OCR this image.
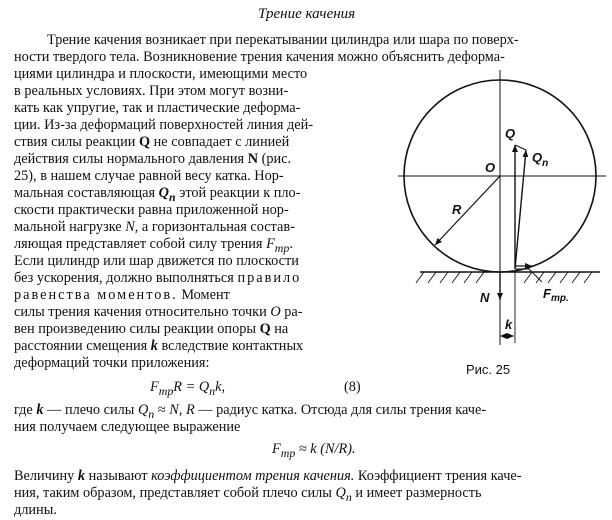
Трение качения
Трение качения возникает при перекатывании цилиндра или шара по поверх-
ности твердого тела. Возникновение трения качения можно объяснить деформа-
циями цилиндра и плоскости, имеющими место
в реальных условиях. При этом могут возни-
кать как упругие, так и пластические деформа-
ции. Из-за деформаций поверхностей линия дей-
ствия силы реакции Q не совпадает с линией
действия силы нормального давления N (рис.
25), в нашем случае равной весу катка. Нор-
мальная составляющая $Q_n$ этой реакции к пло-
скости практически равна приложенной нор-
мальной нагрузке N, а горизонтальная состав-
ляющая представляет собой силу трения $F_{тр}$.
Если цилиндр или шар движется по плоскости
без ускорения, должно выполняться правило
равенства моментов. Момент
силы трения качения относительно точки O ра-
вен произведению силы реакции опоры Q на
расстоянии смещения k вследствие контактных
деформаций точки приложения:
$F_{тр}R = Q_nk$,	(8)
где k — плечо силы $Q_n \approx N$, R — радиус катка. Отсюда для силы трения каче-
ния получаем следующее выражение
$F_{тр} \approx k$ (N/R).
Величину k называют коэффициентом трения качения. Коэффициент трения каче-
ния, таким образом, представляет собой плечо силы $Q_n$ и имеет размерность
длины.
Q
$Q_n$
O
R
N	$F_{mp.}$
k
Рис. 25
